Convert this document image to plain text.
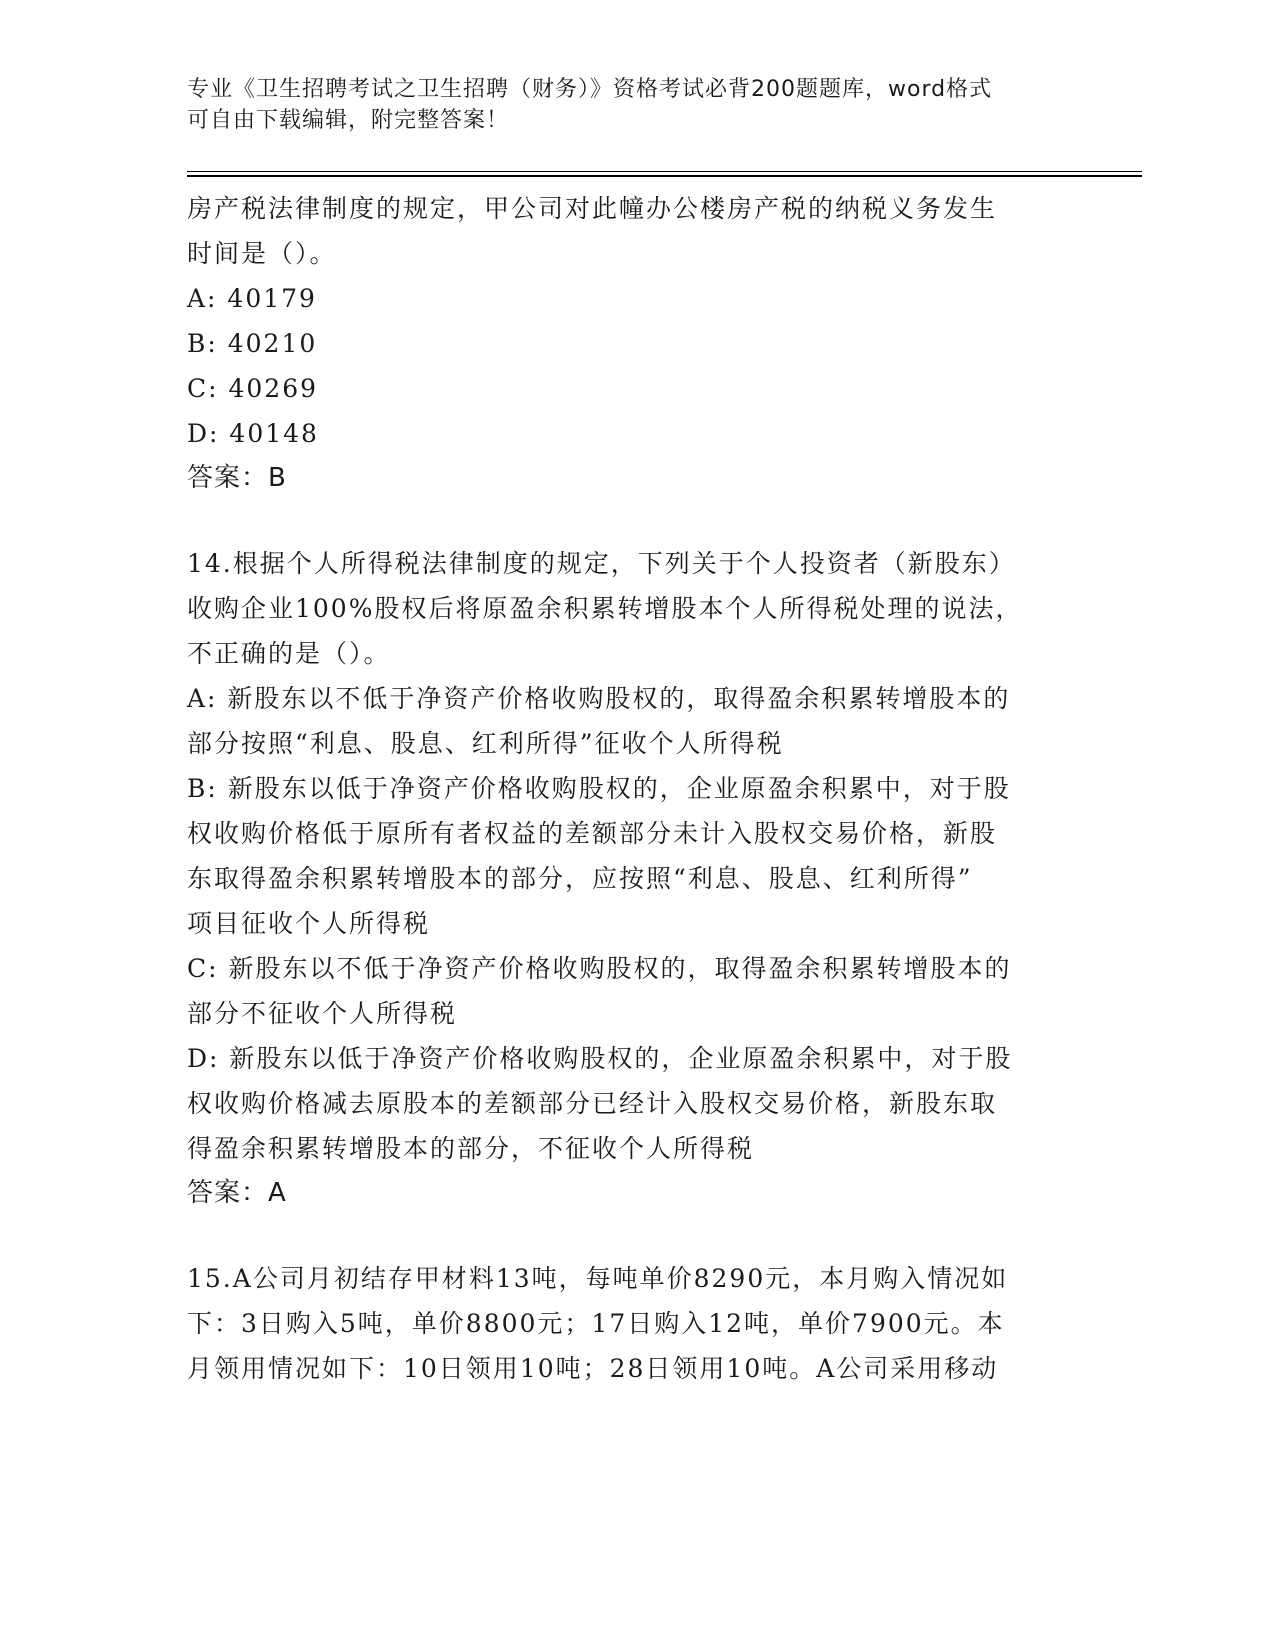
专业《卫生招聘考试之卫生招聘（财务）》资格考试必背200题题库，word格式
可自由下载编辑，附完整答案！
房产税法律制度的规定，甲公司对此幢办公楼房产税的纳税义务发生
时间是（）。
A: 40179
B: 40210
C: 40269
D: 40148
答案：B
14.根据个人所得税法律制度的规定，下列关于个人投资者（新股东）
收购企业100%股权后将原盈余积累转增股本个人所得税处理的说法，
不正确的是（）。
A: 新股东以不低于净资产价格收购股权的，取得盈余积累转增股本的
部分按照“利息、股息、红利所得”征收个人所得税
B: 新股东以低于净资产价格收购股权的，企业原盈余积累中，对于股
权收购价格低于原所有者权益的差额部分未计入股权交易价格，新股
东取得盈余积累转增股本的部分，应按照“利息、股息、红利所得”
项目征收个人所得税
C: 新股东以不低于净资产价格收购股权的，取得盈余积累转增股本的
部分不征收个人所得税
D: 新股东以低于净资产价格收购股权的，企业原盈余积累中，对于股
权收购价格减去原股本的差额部分已经计入股权交易价格，新股东取
得盈余积累转增股本的部分，不征收个人所得税
答案：A
15.A公司月初结存甲材料13吨，每吨单价8290元，本月购入情况如
下：3日购入5吨，单价8800元；17日购入12吨，单价7900元。本
月领用情况如下：10日领用10吨；28日领用10吨。A公司采用移动
